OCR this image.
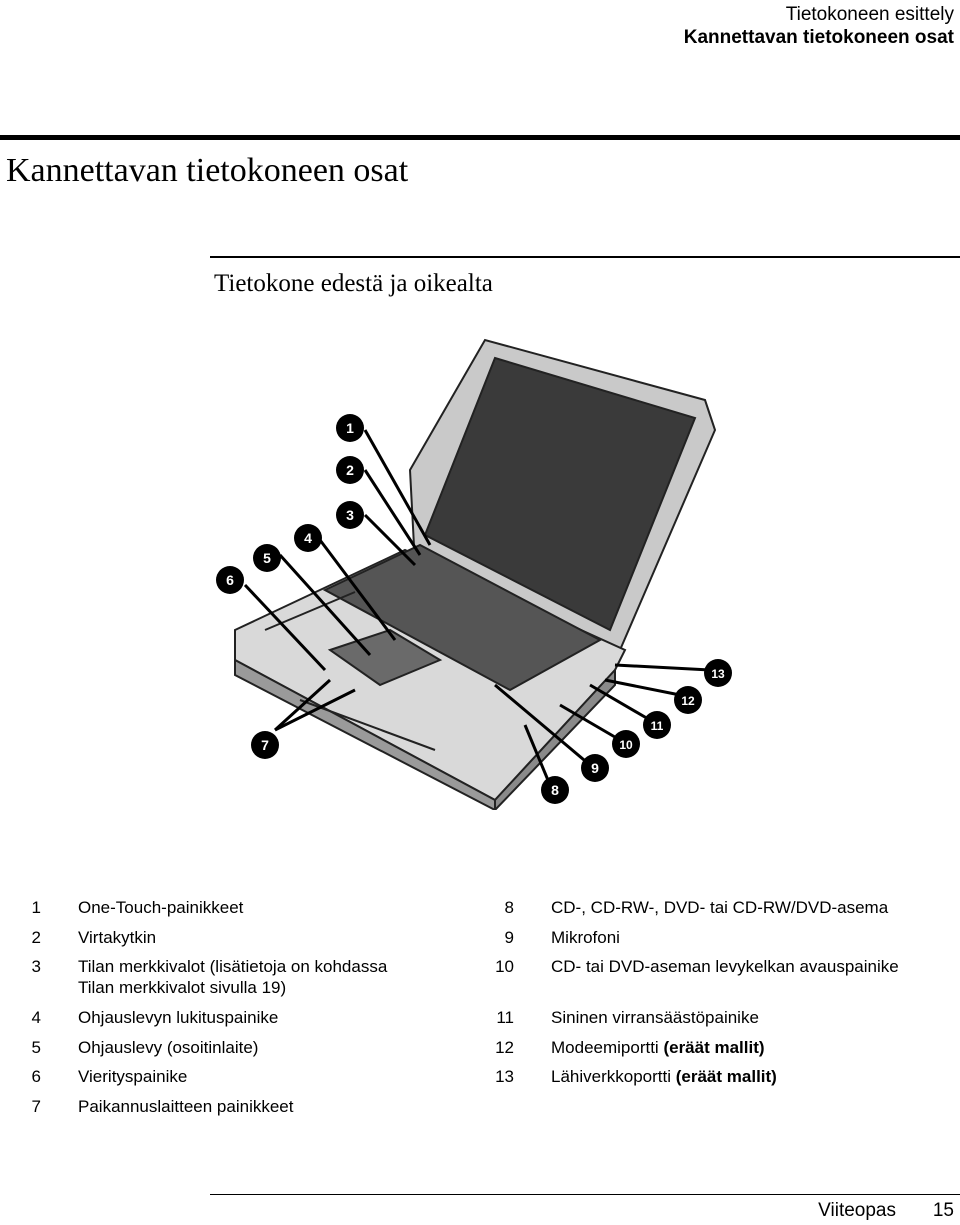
Tietokoneen esittely
Kannettavan tietokoneen osat
Kannettavan tietokoneen osat
Tietokone edestä ja oikealta
1
2
3
4
5
6
7
8
9
10
11
12
13
1 One-Touch-painikkeet
2 Virtakytkin
3 Tilan merkkivalot (lisätietoja on kohdassa Tilan merkkivalot sivulla 19)
4 Ohjauslevyn lukituspainike
5 Ohjauslevy (osoitinlaite)
6 Vierityspainike
7 Paikannuslaitteen painikkeet
8 CD-, CD-RW-, DVD- tai CD-RW/DVD-asema
9 Mikrofoni
10 CD- tai DVD-aseman levykelkan avauspainike
11 Sininen virransäästöpainike
12 Modeemiportti (eräät mallit)
13 Lähiverkkoportti (eräät mallit)
Viiteopas 15
